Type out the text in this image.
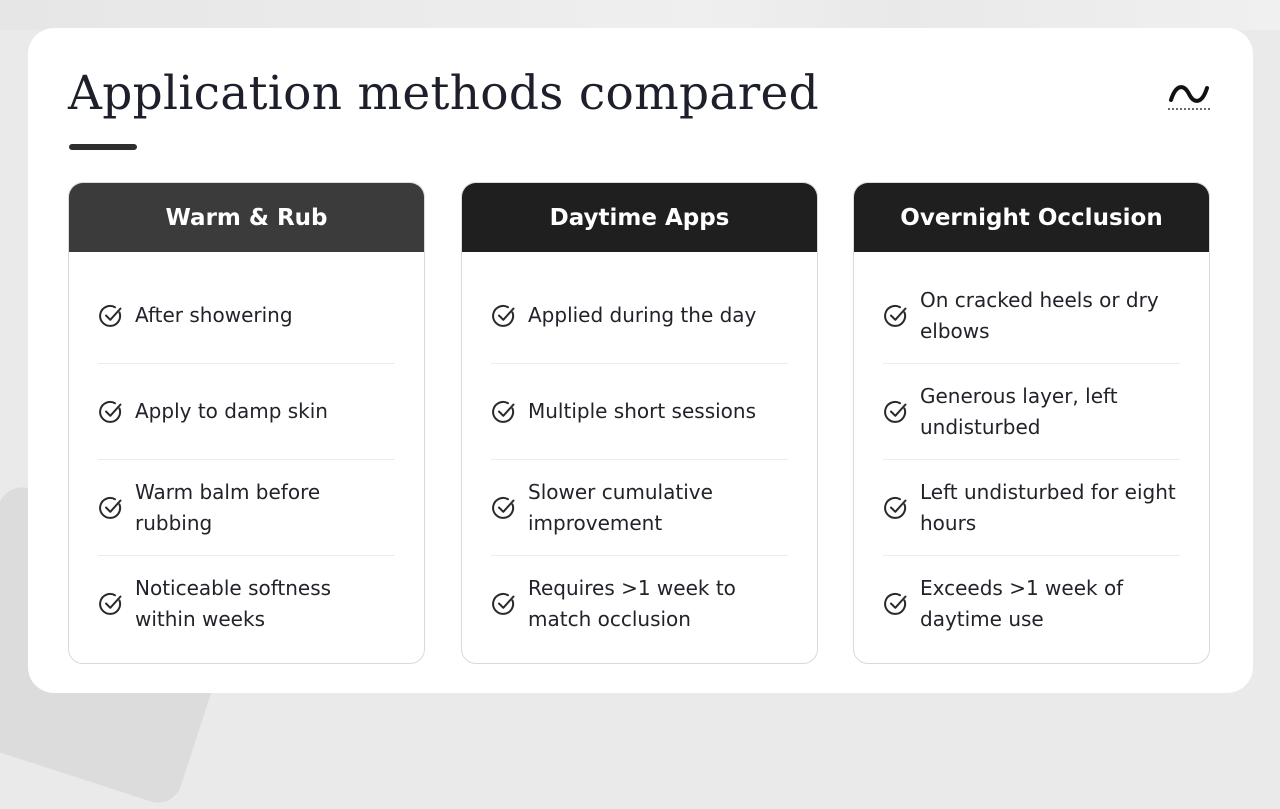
Application methods compared
Warm & Rub
After showering
Apply to damp skin
Warm balm before rubbing
Noticeable softness within weeks
Daytime Apps
Applied during the day
Multiple short sessions
Slower cumulative improvement
Requires >1 week to match occlusion
Overnight Occlusion
On cracked heels or dry elbows
Generous layer, left undisturbed
Left undisturbed for eight hours
Exceeds >1 week of daytime use
